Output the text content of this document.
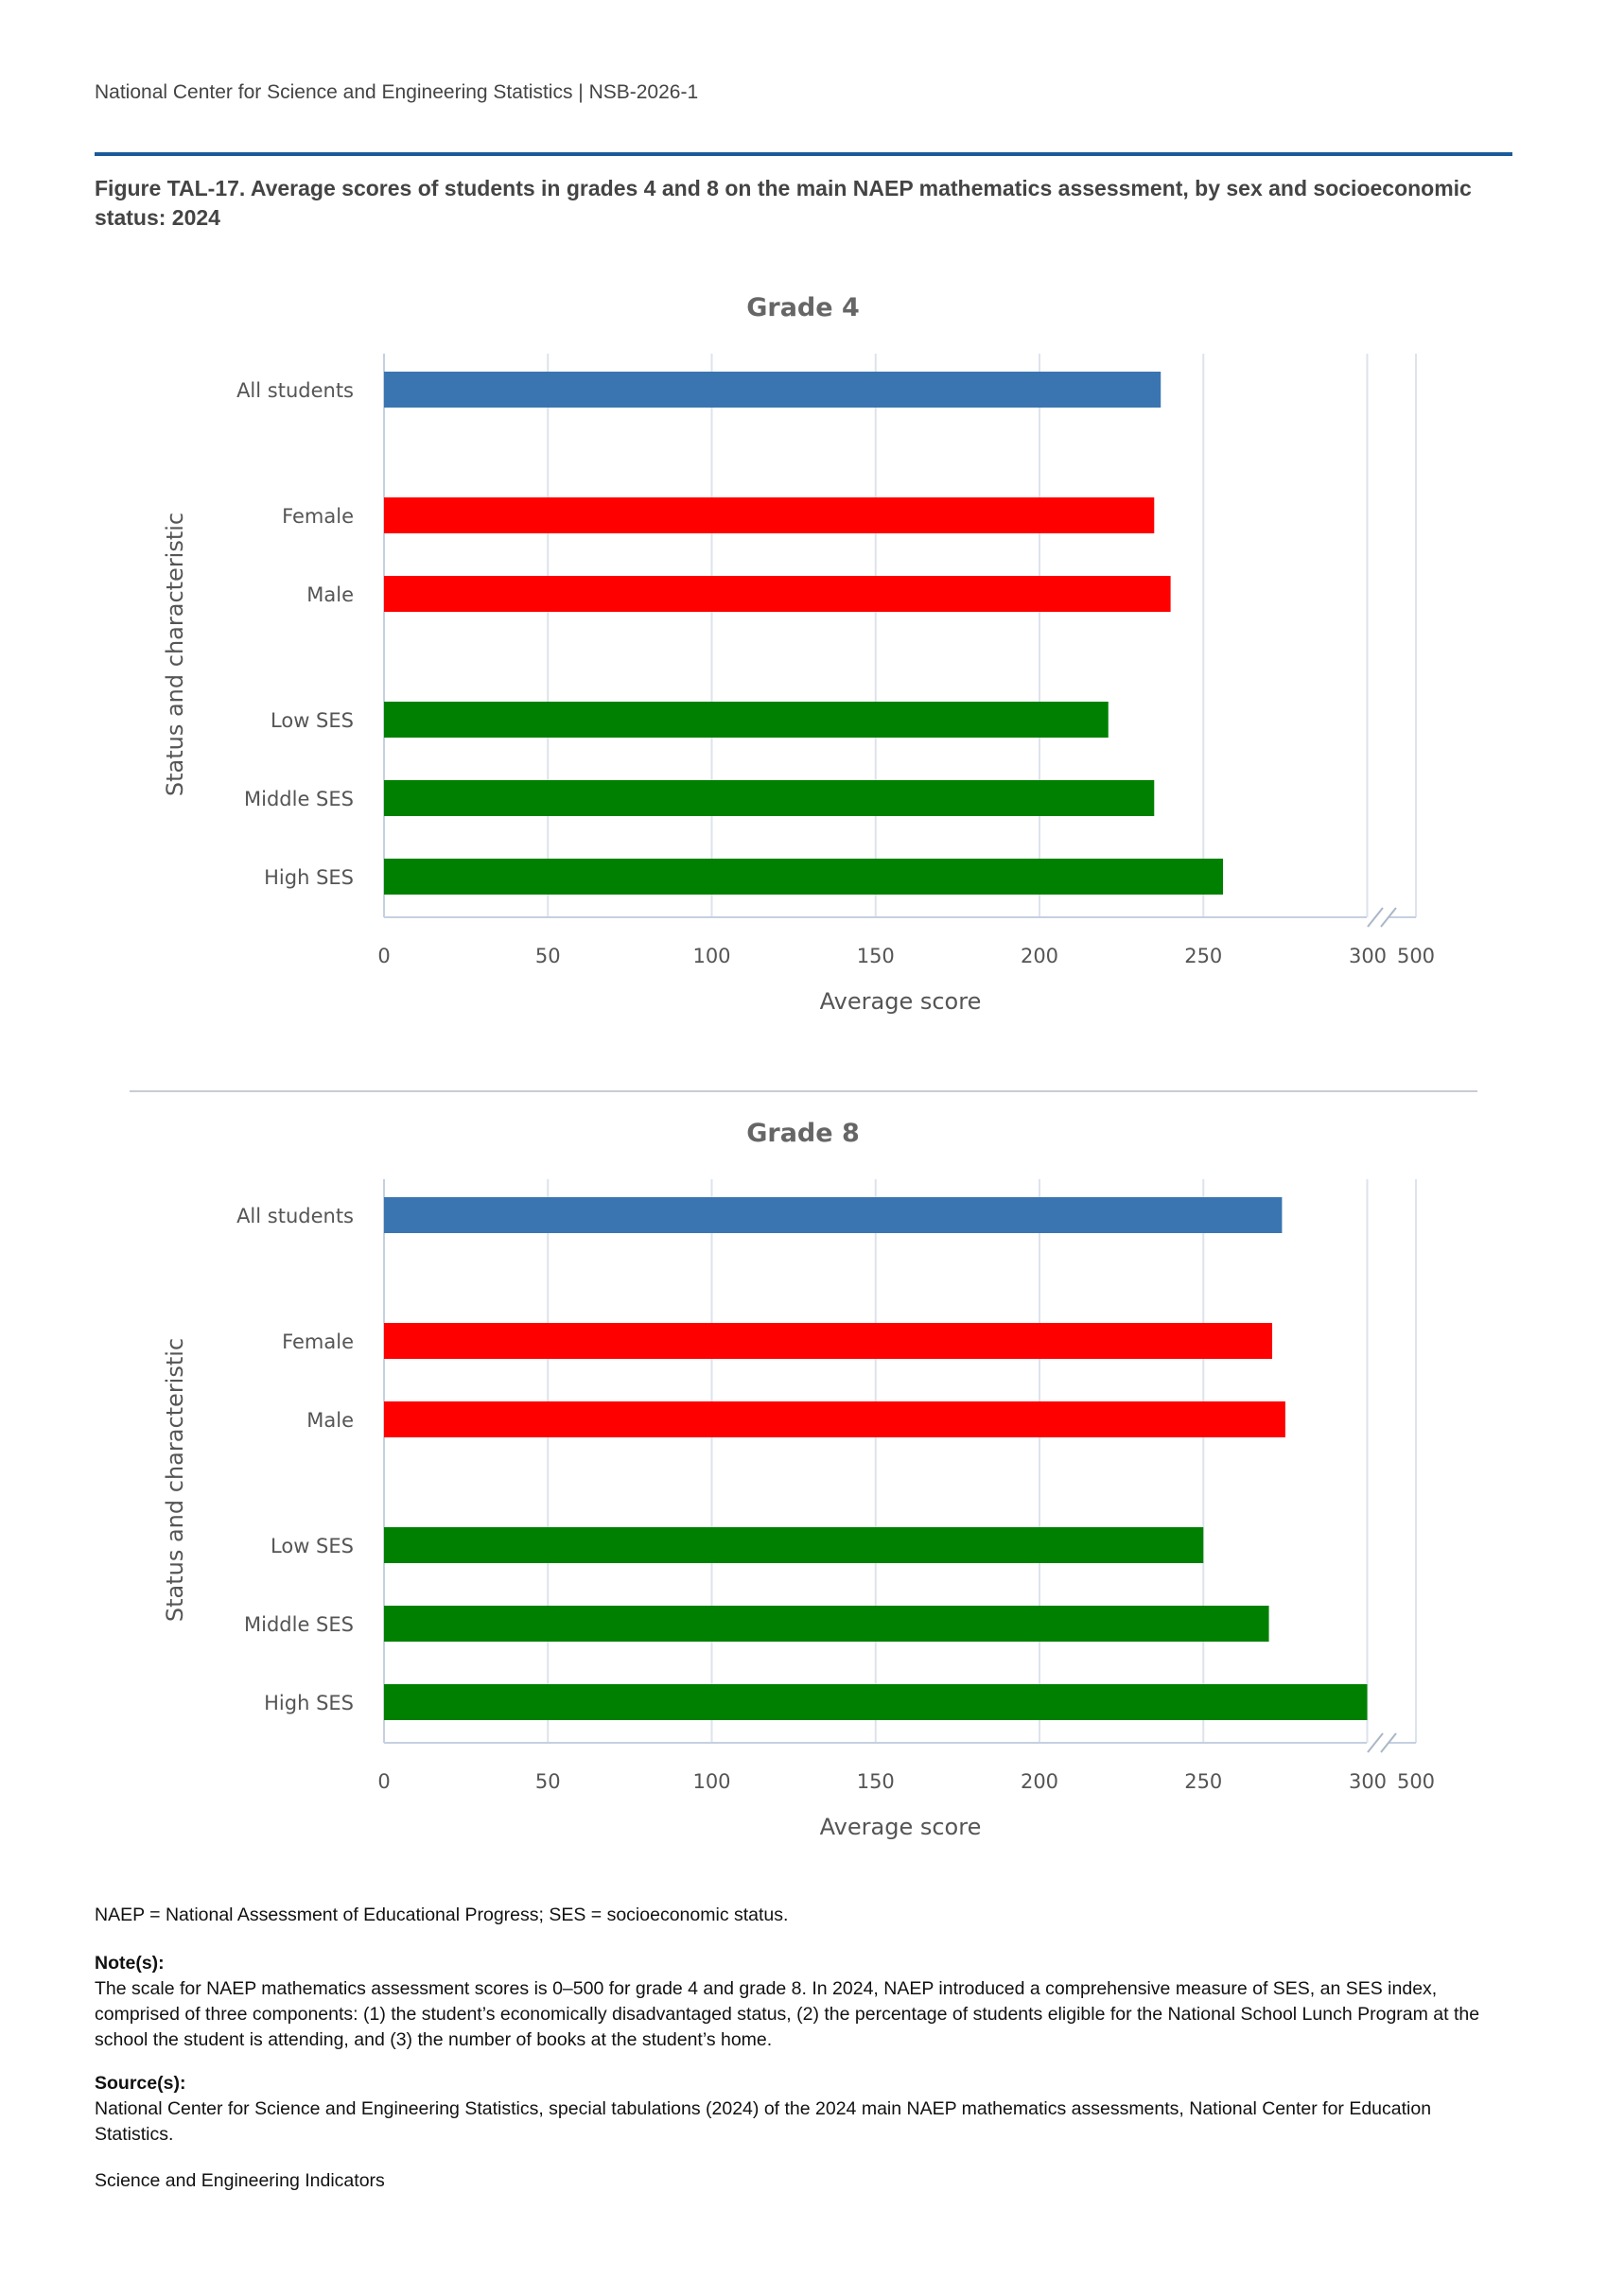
National Center for Science and Engineering Statistics | NSB-2026-1
Figure TAL-17. Average scores of students in grades 4 and 8 on the main NAEP mathematics assessment, by sex and socioeconomic status: 2024
Grade 4
All students
Female
Male
Low SES
Middle SES
High SES
0	50	100	150	200	250	300 500
Average score
Status and characteristic
Grade 8
All students
Female
Male
Low SES
Middle SES
High SES
0	50	100	150	200	250	300 500
Average score
Status and characteristic
NAEP = National Assessment of Educational Progress; SES = socioeconomic status.
Note(s):
The scale for NAEP mathematics assessment scores is 0–500 for grade 4 and grade 8. In 2024, NAEP introduced a comprehensive measure of SES, an SES index, comprised of three components: (1) the student’s economically disadvantaged status, (2) the percentage of students eligible for the National School Lunch Program at the school the student is attending, and (3) the number of books at the student’s home.
Source(s):
National Center for Science and Engineering Statistics, special tabulations (2024) of the 2024 main NAEP mathematics assessments, National Center for Education Statistics.
Science and Engineering Indicators
